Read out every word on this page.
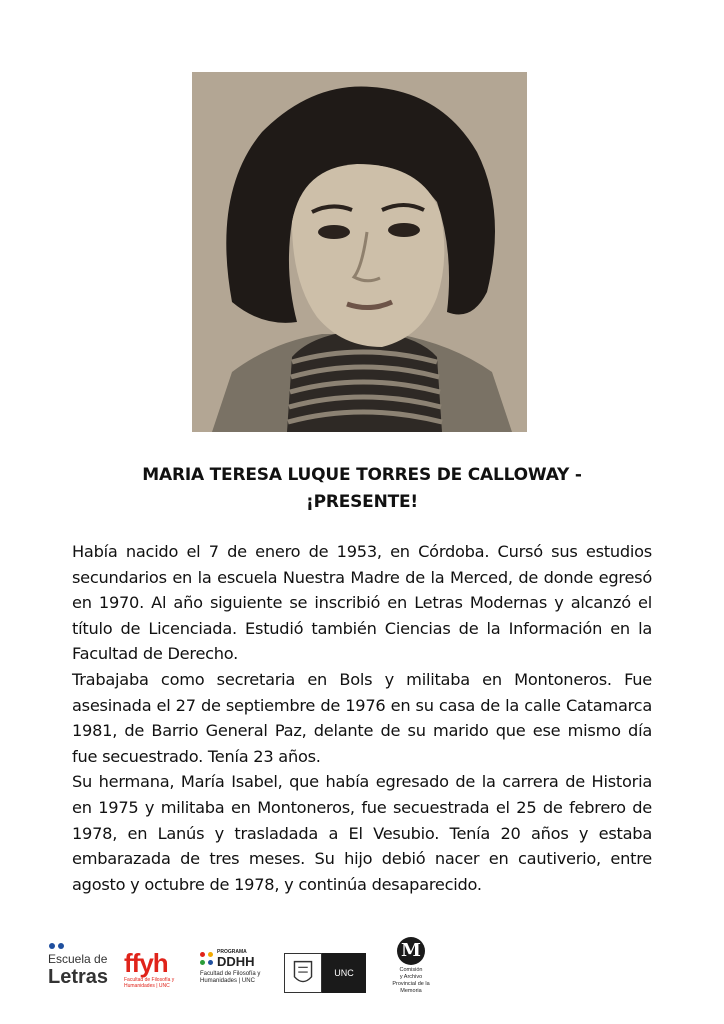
MARIA TERESA LUQUE TORRES DE CALLOWAY -
¡PRESENTE!

Había nacido el 7 de enero de 1953, en Córdoba. Cursó sus estudios secundarios en la escuela Nuestra Madre de la Merced, de donde egresó en 1970. Al año siguiente se inscribió en Letras Modernas y alcanzó el título de Licenciada. Estudió también Ciencias de la Información en la Facultad de Derecho.

Trabajaba como secretaria en Bols y militaba en Montoneros. Fue asesinada el 27 de septiembre de 1976 en su casa de la calle Catamarca 1981, de Barrio General Paz, delante de su marido que ese mismo día fue secuestrado. Tenía 23 años.

Su hermana, María Isabel, que había egresado de la carrera de Historia en 1975 y militaba en Montoneros, fue secuestrada el 25 de febrero de 1978, en Lanús y trasladada a El Vesubio. Tenía 20 años y estaba embarazada de tres meses. Su hijo debió nacer en cautiverio, entre agosto y octubre de 1978, y continúa desaparecido.

Escuela de
Letras ffyh
Facultad de Filosofía y Humanidades | UNC
PROGRAMA
DDHH
Facultad de Filosofía y Humanidades | UNC
UNC
M
Comisión
y Archivo
Provincial de la
Memoria
